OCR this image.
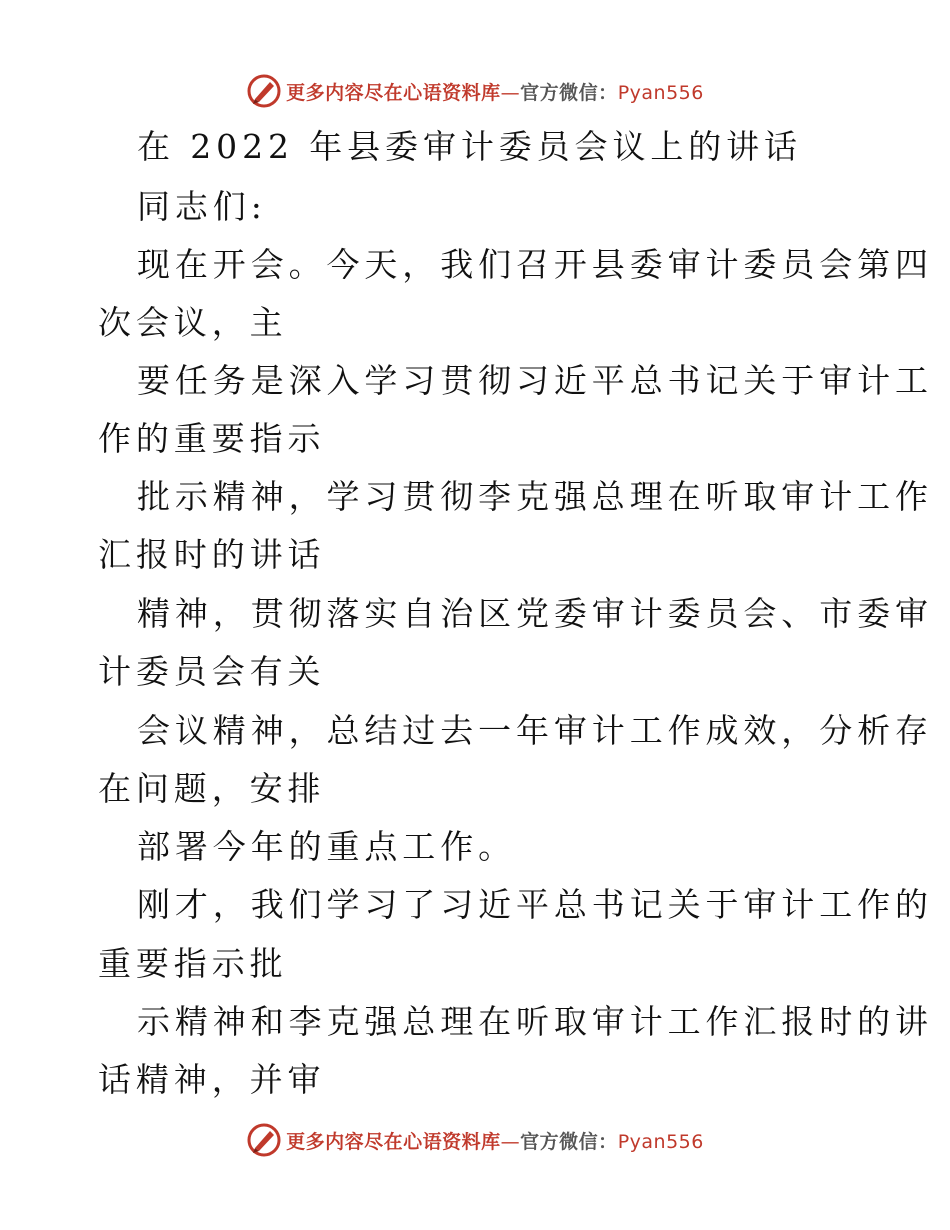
更多内容尽在心语资料库—官方微信：Pyan556
在 2022 年县委审计委员会议上的讲话
同志们:
现在开会。今天，我们召开县委审计委员会第四
次会议，主
要任务是深入学习贯彻习近平总书记关于审计工
作的重要指示
批示精神，学习贯彻李克强总理在听取审计工作
汇报时的讲话
精神，贯彻落实自治区党委审计委员会、市委审
计委员会有关
会议精神，总结过去一年审计工作成效，分析存
在问题，安排
部署今年的重点工作。
刚才，我们学习了习近平总书记关于审计工作的
重要指示批
示精神和李克强总理在听取审计工作汇报时的讲
话精神，并审
更多内容尽在心语资料库—官方微信：Pyan556
